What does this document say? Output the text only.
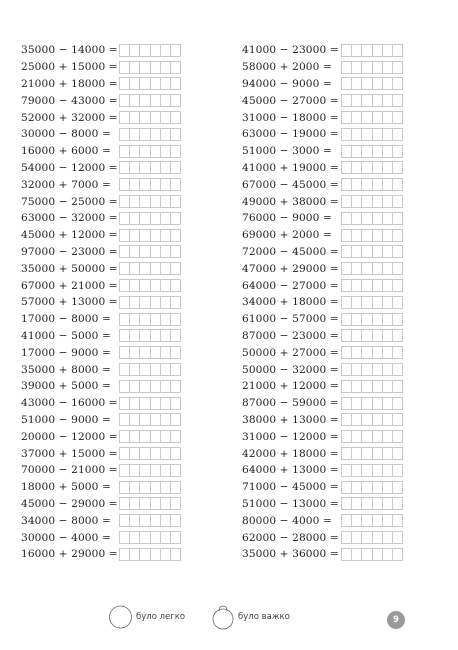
35000 − 14000 =
25000 + 15000 =
21000 + 18000 =
79000 − 43000 =
52000 + 32000 =
30000 − 8000 =
16000 + 6000 =
54000 − 12000 =
32000 + 7000 =
75000 − 25000 =
63000 − 32000 =
45000 + 12000 =
97000 − 23000 =
35000 + 50000 =
67000 + 21000 =
57000 + 13000 =
17000 − 8000 =
41000 − 5000 =
17000 − 9000 =
35000 + 8000 =
39000 + 5000 =
43000 − 16000 =
51000 − 9000 =
20000 − 12000 =
37000 + 15000 =
70000 − 21000 =
18000 + 5000 =
45000 − 29000 =
34000 − 8000 =
30000 − 4000 =
16000 + 29000 =
41000 − 23000 =
58000 + 2000 =
94000 − 9000 =
45000 − 27000 =
31000 − 18000 =
63000 − 19000 =
51000 − 3000 =
41000 + 19000 =
67000 − 45000 =
49000 + 38000 =
76000 − 9000 =
69000 + 2000 =
72000 − 45000 =
47000 + 29000 =
64000 − 27000 =
34000 + 18000 =
61000 − 57000 =
87000 − 23000 =
50000 + 27000 =
50000 − 32000 =
21000 + 12000 =
87000 − 59000 =
38000 + 13000 =
31000 − 12000 =
42000 + 18000 =
64000 + 13000 =
71000 − 45000 =
51000 − 13000 =
80000 − 4000 =
62000 − 28000 =
35000 + 36000 =
було легко	було важко	9
